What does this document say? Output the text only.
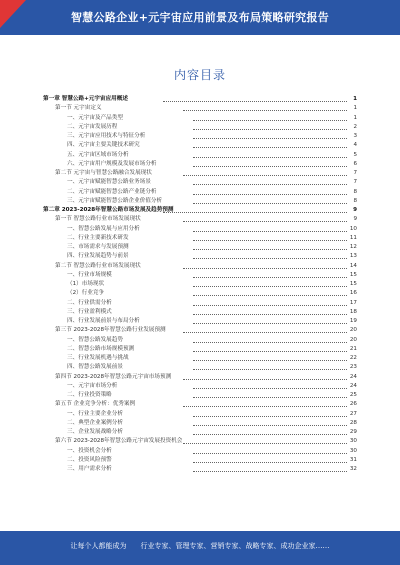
智慧公路企业+元宇宙应用前景及布局策略研究报告
内容目录
第一章 智慧公路+元宇宙应用概述	1
第一节 元宇宙定义	1
一、元宇宙及产品类型	1
二、元宇宙发展历程	2
三、元宇宙应用技术与特征分析	3
四、元宇宙主要关键技术研究	4
五、元宇宙区域市场分析	5
六、元宇宙用户规模及发展市场分析	6
第二节 元宇宙与智慧公路融合发展现状	7
一、元宇宙赋能智慧公路业务场景	7
二、元宇宙赋能智慧公路产业链分析	8
三、元宇宙赋能智慧公路企业价值分析	8
第二章 2023-2028年智慧公路市场发展及趋势预测	9
第一节 智慧公路行业市场发展现状	9
一、智慧公路发展与应用分析	10
二、行业主要新技术研发	11
三、市场需求与发展预测	12
四、行业发展趋势与前景	13
第二节 智慧公路行业市场发展现状	14
一、行业市场规模	15
（1）市场现状	15
（2）行业竞争	16
二、行业供需分析	17
三、行业盈利模式	18
四、行业发展前景与布局分析	19
第三节 2023-2028年智慧公路行业发展预测	20
一、智慧公路发展趋势	20
二、智慧公路市场规模预测	21
三、行业发展机遇与挑战	22
四、智慧公路发展前景	23
第四节 2023-2028年智慧公路元宇宙市场预测	24
一、元宇宙市场分析	24
二、行业投资策略	25
第五节 企业竞争分析：优秀案例	26
一、行业主要企业分析	27
二、典型企业案例分析	28
三、企业发展战略分析	29
第六节 2023-2028年智慧公路元宇宙发展投资机会	30
一、投资机会分析	30
二、投资风险预警	31
三、用户需求分析	32
让每个人都能成为　　行业专家、管理专家、营销专家、战略专家、成功企业家……
